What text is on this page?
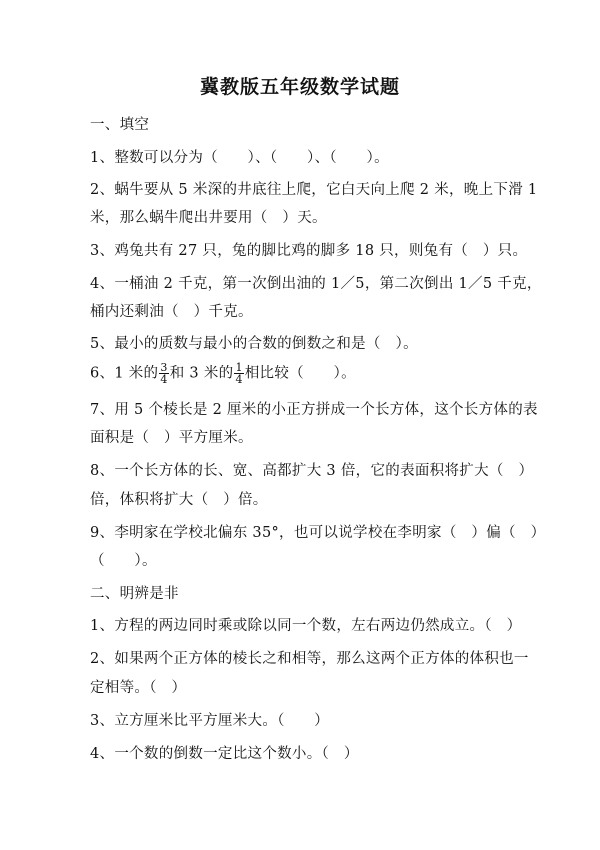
冀教版五年级数学试题
一、填空
1、整数可以分为（　　）、（　　）、（　　）。
2、蜗牛要从 5 米深的井底往上爬，它白天向上爬 2 米，晚上下滑 1
米，那么蜗牛爬出井要用（　）天。
3、鸡兔共有 27 只，兔的脚比鸡的脚多 18 只，则兔有（　）只。
4、一桶油 2 千克，第一次倒出油的 1／5，第二次倒出 1／5 千克，
桶内还剩油（　）千克。
5、最小的质数与最小的合数的倒数之和是（　）。
6、1 米的 $\frac{3}{4}$ 和 3 米的 $\frac{1}{4}$ 相比较（　　）。
7、用 5 个棱长是 2 厘米的小正方拼成一个长方体，这个长方体的表
面积是（　）平方厘米。
8、一个长方体的长、宽、高都扩大 3 倍，它的表面积将扩大（　）
倍，体积将扩大（　）倍。
9、李明家在学校北偏东 35°，也可以说学校在李明家（　）偏（　）
（　　）。
二、明辨是非
1、方程的两边同时乘或除以同一个数，左右两边仍然成立。（　）
2、如果两个正方体的棱长之和相等，那么这两个正方体的体积也一
定相等。（　）
3、立方厘米比平方厘米大。（　　）
4、一个数的倒数一定比这个数小。（　）
